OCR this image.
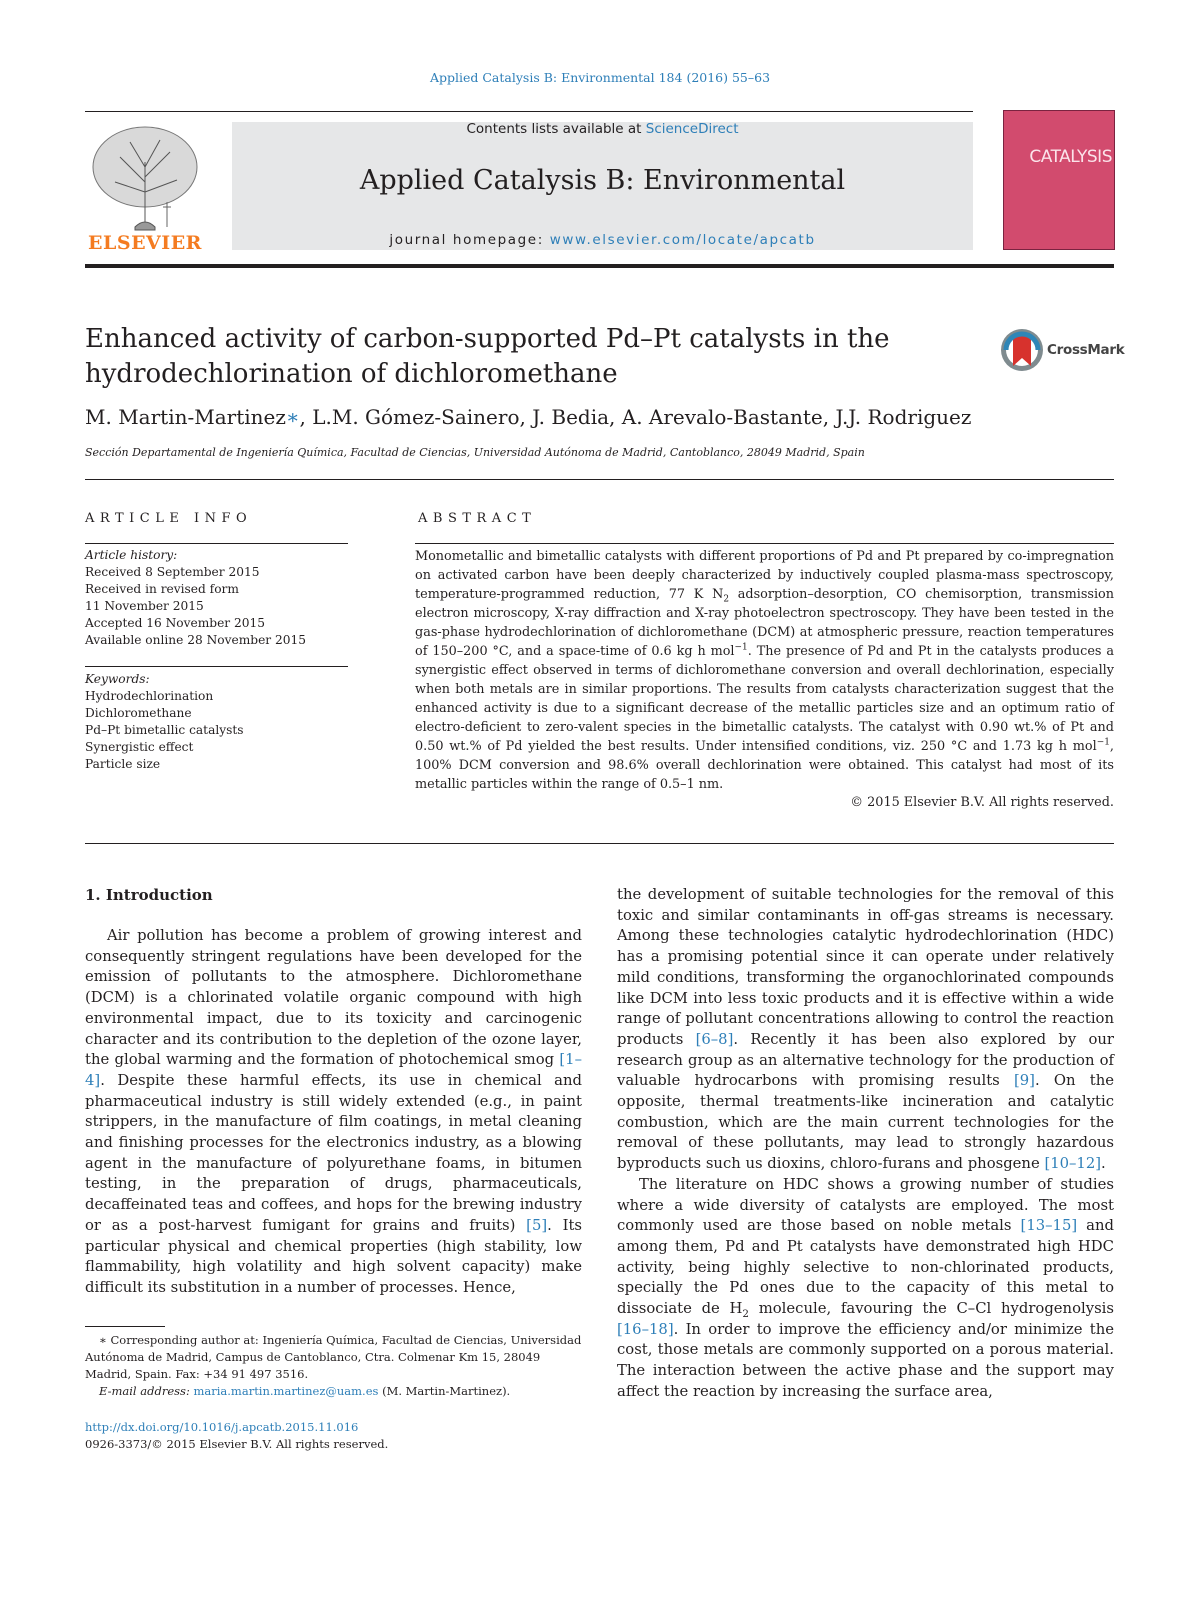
Applied Catalysis B: Environmental 184 (2016) 55–63
ELSEVIER
Contents lists available at ScienceDirect
Applied Catalysis B: Environmental
journal homepage: www.elsevier.com/locate/apcatb
CATALYSIS
Enhanced activity of carbon-supported Pd–Pt catalysts in the
hydrodechlorination of dichloromethane
CrossMark
M. Martin-Martinez∗, L.M. Gómez-Sainero, J. Bedia, A. Arevalo-Bastante, J.J. Rodriguez
Sección Departamental de Ingeniería Química, Facultad de Ciencias, Universidad Autónoma de Madrid, Cantoblanco, 28049 Madrid, Spain
ARTICLE INFO
Article history:
Received 8 September 2015
Received in revised form
11 November 2015
Accepted 16 November 2015
Available online 28 November 2015
Keywords:
Hydrodechlorination
Dichloromethane
Pd–Pt bimetallic catalysts
Synergistic effect
Particle size
ABSTRACT
Monometallic and bimetallic catalysts with different proportions of Pd and Pt prepared by co-impregnation on activated carbon have been deeply characterized by inductively coupled plasma-mass spectroscopy, temperature-programmed reduction, 77 K $N_2$ adsorption–desorption, CO chemisorption, transmission electron microscopy, X-ray diffraction and X-ray photoelectron spectroscopy. They have been tested in the gas-phase hydrodechlorination of dichloromethane (DCM) at atmospheric pressure, reaction temperatures of 150–200 °C, and a space-time of 0.6 kg h mol$^{-1}$. The presence of Pd and Pt in the catalysts produces a synergistic effect observed in terms of dichloromethane conversion and overall dechlorination, especially when both metals are in similar proportions. The results from catalysts characterization suggest that the enhanced activity is due to a significant decrease of the metallic particles size and an optimum ratio of electro-deficient to zero-valent species in the bimetallic catalysts. The catalyst with 0.90 wt.% of Pt and 0.50 wt.% of Pd yielded the best results. Under intensified conditions, viz. 250 °C and 1.73 kg h mol$^{-1}$, 100% DCM conversion and 98.6% overall dechlorination were obtained. This catalyst had most of its metallic particles within the range of 0.5–1 nm.
© 2015 Elsevier B.V. All rights reserved.
1. Introduction

Air pollution has become a problem of growing interest and consequently stringent regulations have been developed for the emission of pollutants to the atmosphere. Dichloromethane (DCM) is a chlorinated volatile organic compound with high environmental impact, due to its toxicity and carcinogenic character and its contribution to the depletion of the ozone layer, the global warming and the formation of photochemical smog [1–4]. Despite these harmful effects, its use in chemical and pharmaceutical industry is still widely extended (e.g., in paint strippers, in the manufacture of film coatings, in metal cleaning and finishing processes for the electronics industry, as a blowing agent in the manufacture of polyurethane foams, in bitumen testing, in the preparation of drugs, pharmaceuticals, decaffeinated teas and coffees, and hops for the brewing industry or as a post-harvest fumigant for grains and fruits) [5]. Its particular physical and chemical properties (high stability, low flammability, high volatility and high solvent capacity) make difficult its substitution in a number of processes. Hence,

the development of suitable technologies for the removal of this toxic and similar contaminants in off-gas streams is necessary. Among these technologies catalytic hydrodechlorination (HDC) has a promising potential since it can operate under relatively mild conditions, transforming the organochlorinated compounds like DCM into less toxic products and it is effective within a wide range of pollutant concentrations allowing to control the reaction products [6–8]. Recently it has been also explored by our research group as an alternative technology for the production of valuable hydrocarbons with promising results [9]. On the opposite, thermal treatments-like incineration and catalytic combustion, which are the main current technologies for the removal of these pollutants, may lead to strongly hazardous byproducts such us dioxins, chloro-furans and phosgene [10–12].

The literature on HDC shows a growing number of studies where a wide diversity of catalysts are employed. The most commonly used are those based on noble metals [13–15] and among them, Pd and Pt catalysts have demonstrated high HDC activity, being highly selective to non-chlorinated products, specially the Pd ones due to the capacity of this metal to dissociate de $H_2$ molecule, favouring the C–Cl hydrogenolysis [16–18]. In order to improve the efficiency and/or minimize the cost, those metals are commonly supported on a porous material. The interaction between the active phase and the support may affect the reaction by increasing the surface area,

∗ Corresponding author at: Ingeniería Química, Facultad de Ciencias, Universidad Autónoma de Madrid, Campus de Cantoblanco, Ctra. Colmenar Km 15, 28049 Madrid, Spain. Fax: +34 91 497 3516.

E-mail address: maria.martin.martinez@uam.es (M. Martin-Martinez).

http://dx.doi.org/10.1016/j.apcatb.2015.11.016
0926-3373/© 2015 Elsevier B.V. All rights reserved.
